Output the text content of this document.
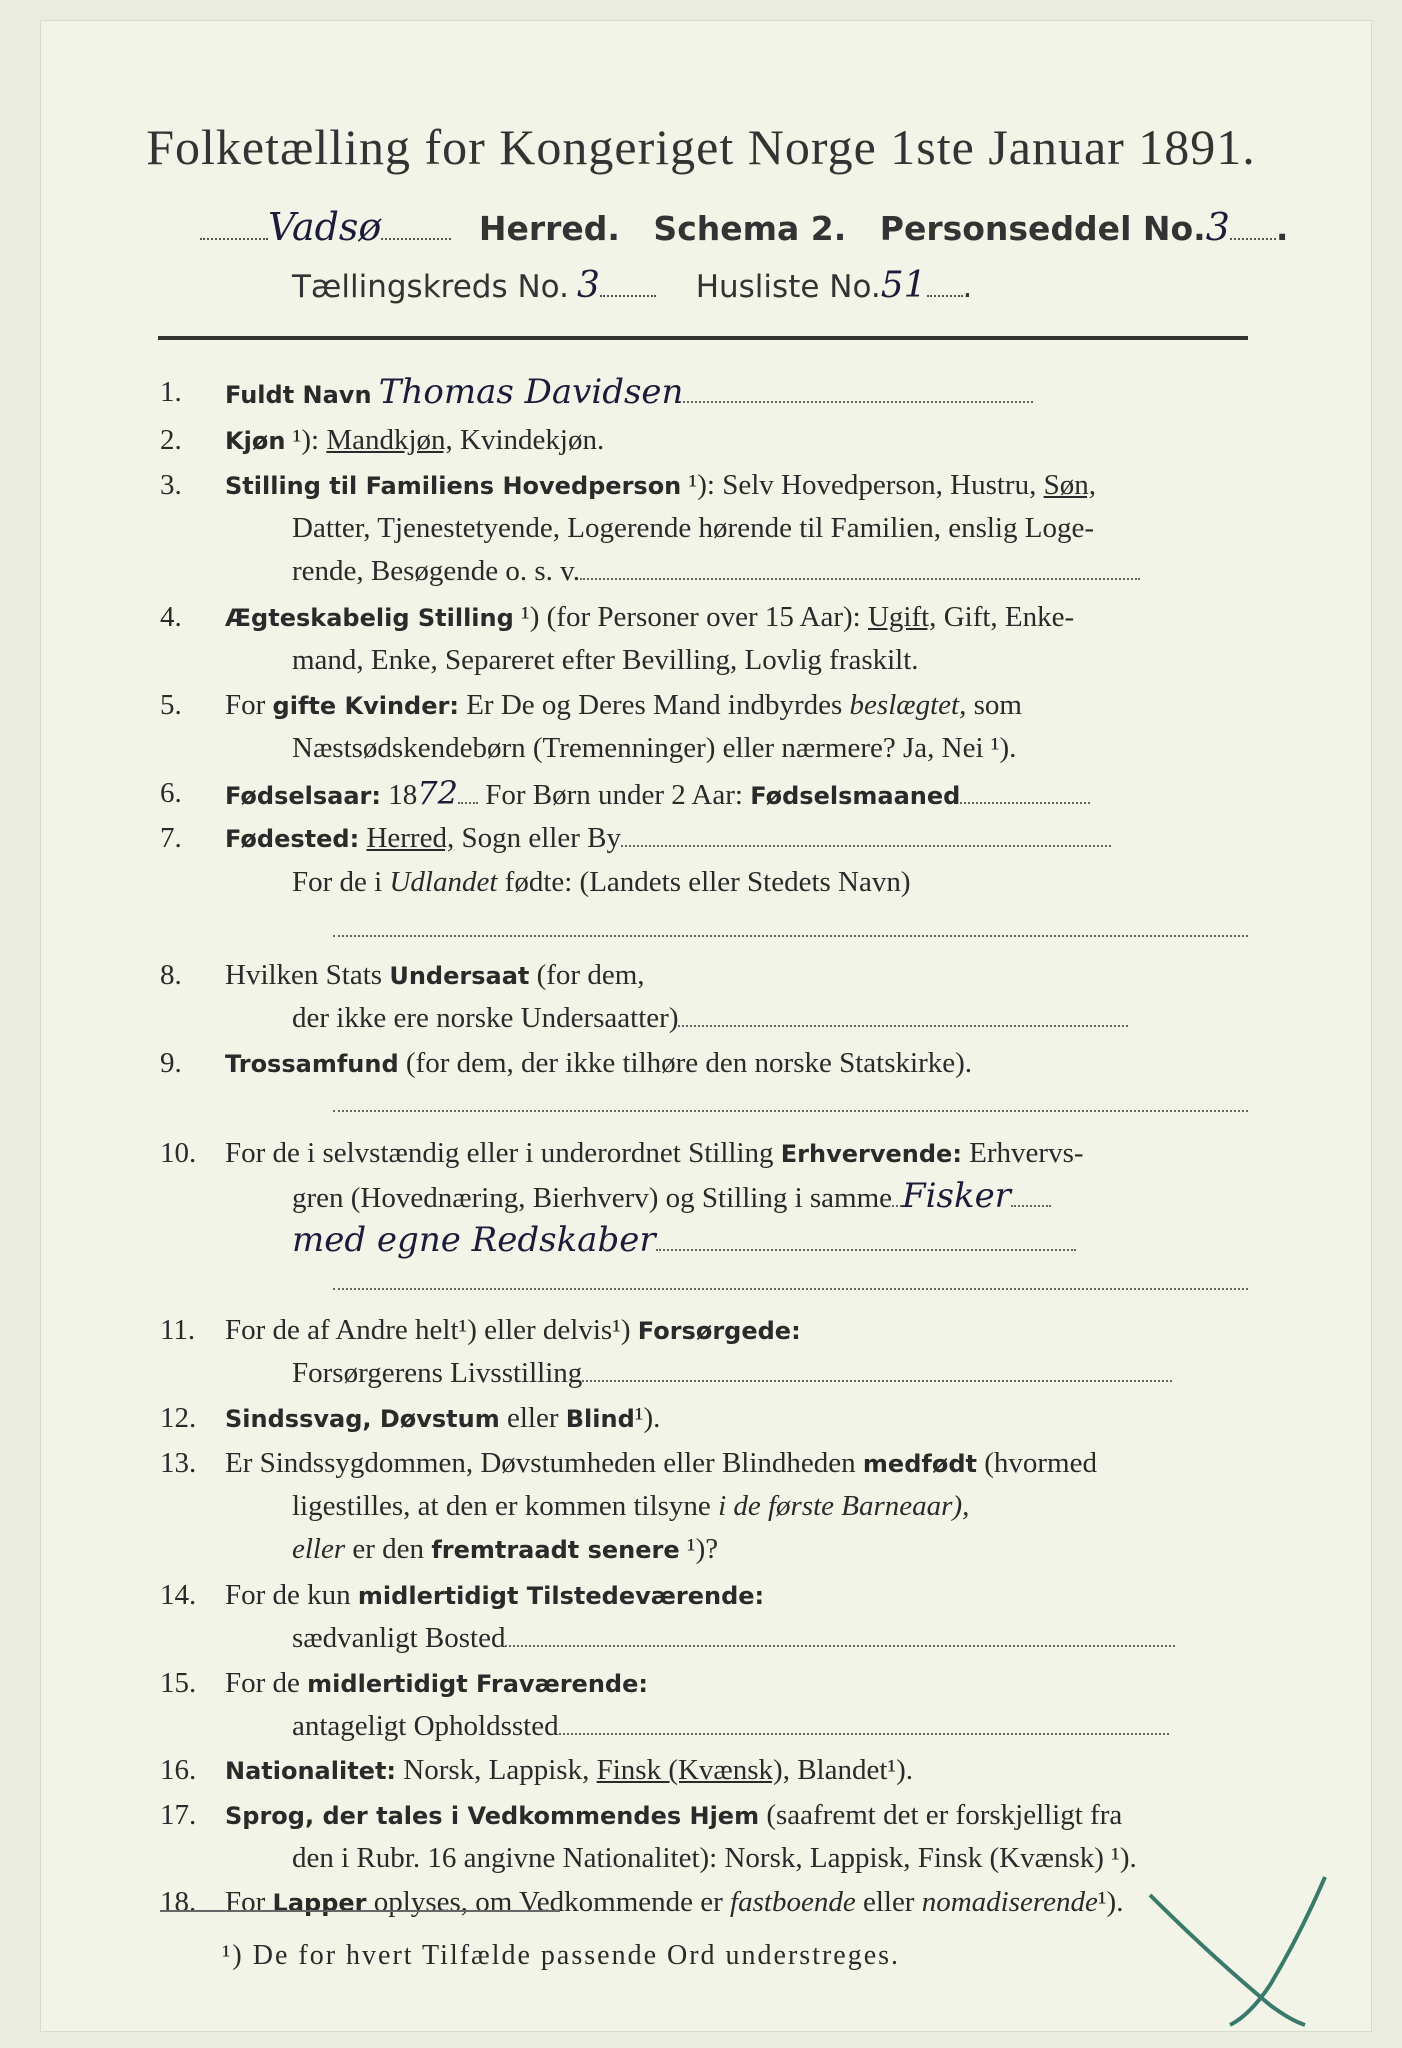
Folketælling for Kongeriget Norge 1ste Januar 1891.
Vadsø	Herred. Schema 2. Personseddel No.3 .
Tællingskreds No. 3	Husliste No.51 .
1.	Fuldt Navn Thomas Davidsen
2.	Kjøn ¹): Mandkjøn, Kvindekjøn.
3.	Stilling til Familiens Hovedperson ¹): Selv Hovedperson, Hustru, Søn,
Datter, Tjenestetyende, Logerende hørende til Familien, enslig Loge-
rende, Besøgende o. s. v.
4.	Ægteskabelig Stilling ¹) (for Personer over 15 Aar): Ugift, Gift, Enke-
mand, Enke, Separeret efter Bevilling, Lovlig fraskilt.
5.	For gifte Kvinder: Er De og Deres Mand indbyrdes beslægtet, som
Næstsødskendebørn (Tremenninger) eller nærmere? Ja, Nei ¹).
6.	Fødselsaar: 1872 For Børn under 2 Aar: Fødselsmaaned
7.	Fødested: Herred, Sogn eller By
For de i Udlandet fødte: (Landets eller Stedets Navn)
8.	Hvilken Stats Undersaat (for dem,
der ikke ere norske Undersaatter)
9.	Trossamfund (for dem, der ikke tilhøre den norske Statskirke).
10. For de i selvstændig eller i underordnet Stilling Erhvervende: Erhvervs-
gren (Hovednæring, Bierhverv) og Stilling i samme Fisker
med egne Redskaber
11.	For de af Andre helt¹) eller delvis¹) Forsørgede:
Forsørgerens Livsstilling
12.	Sindssvag, Døvstum eller Blind¹).
13. Er Sindssygdommen, Døvstumheden eller Blindheden medfødt (hvormed
ligestilles, at den er kommen tilsyne i de første Barneaar),
eller er den fremtraadt senere ¹)?
14. For de kun midlertidigt Tilstedeværende:
sædvanligt Bosted
15. For de midlertidigt Fraværende:
antageligt Opholdssted
16.	Nationalitet: Norsk, Lappisk, Finsk (Kvænsk), Blandet¹).
17.	Sprog, der tales i Vedkommendes Hjem (saafremt det er forskjelligt fra
den i Rubr. 16 angivne Nationalitet): Norsk, Lappisk, Finsk (Kvænsk) ¹).
18. For Lapper oplyses, om Vedkommende er fastboende eller nomadiserende¹).
¹) De for hvert Tilfælde passende Ord understreges.
